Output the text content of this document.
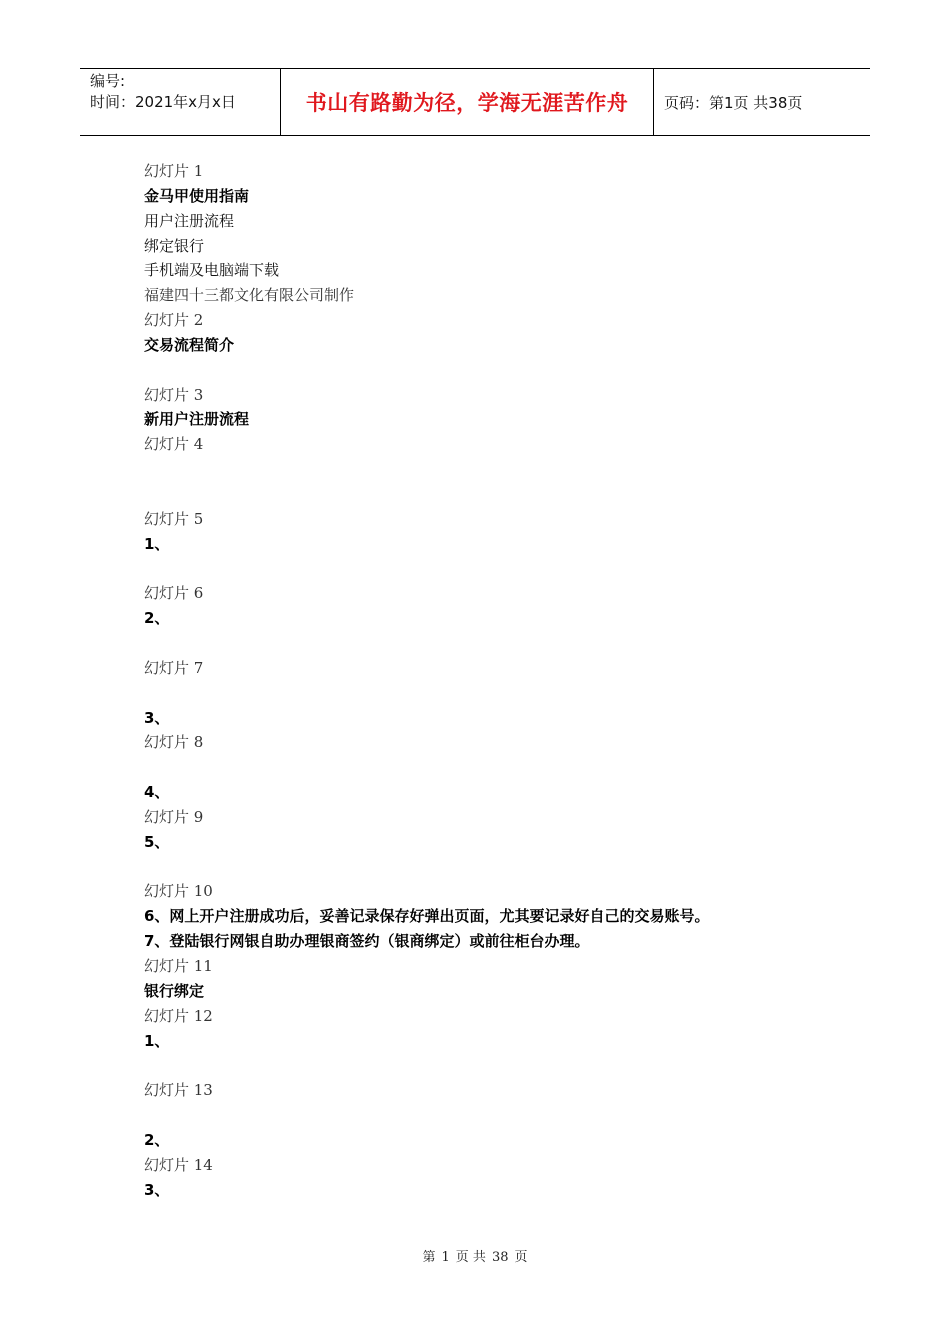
编号:
时间：2021年x月x日	书山有路勤为径，学海无涯苦作舟	页码：第1页 共38页
幻灯片 1
金马甲使用指南
用户注册流程
绑定银行
手机端及电脑端下载
福建四十三都文化有限公司制作
幻灯片 2
交易流程简介
幻灯片 3
新用户注册流程
幻灯片 4
幻灯片 5
1、
幻灯片 6
2、
幻灯片 7
3、
幻灯片 8
4、
幻灯片 9
5、
幻灯片 10
6、网上开户注册成功后，妥善记录保存好弹出页面，尤其要记录好自己的交易账号。
7、登陆银行网银自助办理银商签约（银商绑定）或前往柜台办理。
幻灯片 11
银行绑定
幻灯片 12
1、
幻灯片 13
2、
幻灯片 14
3、
第 1 页 共 38 页
